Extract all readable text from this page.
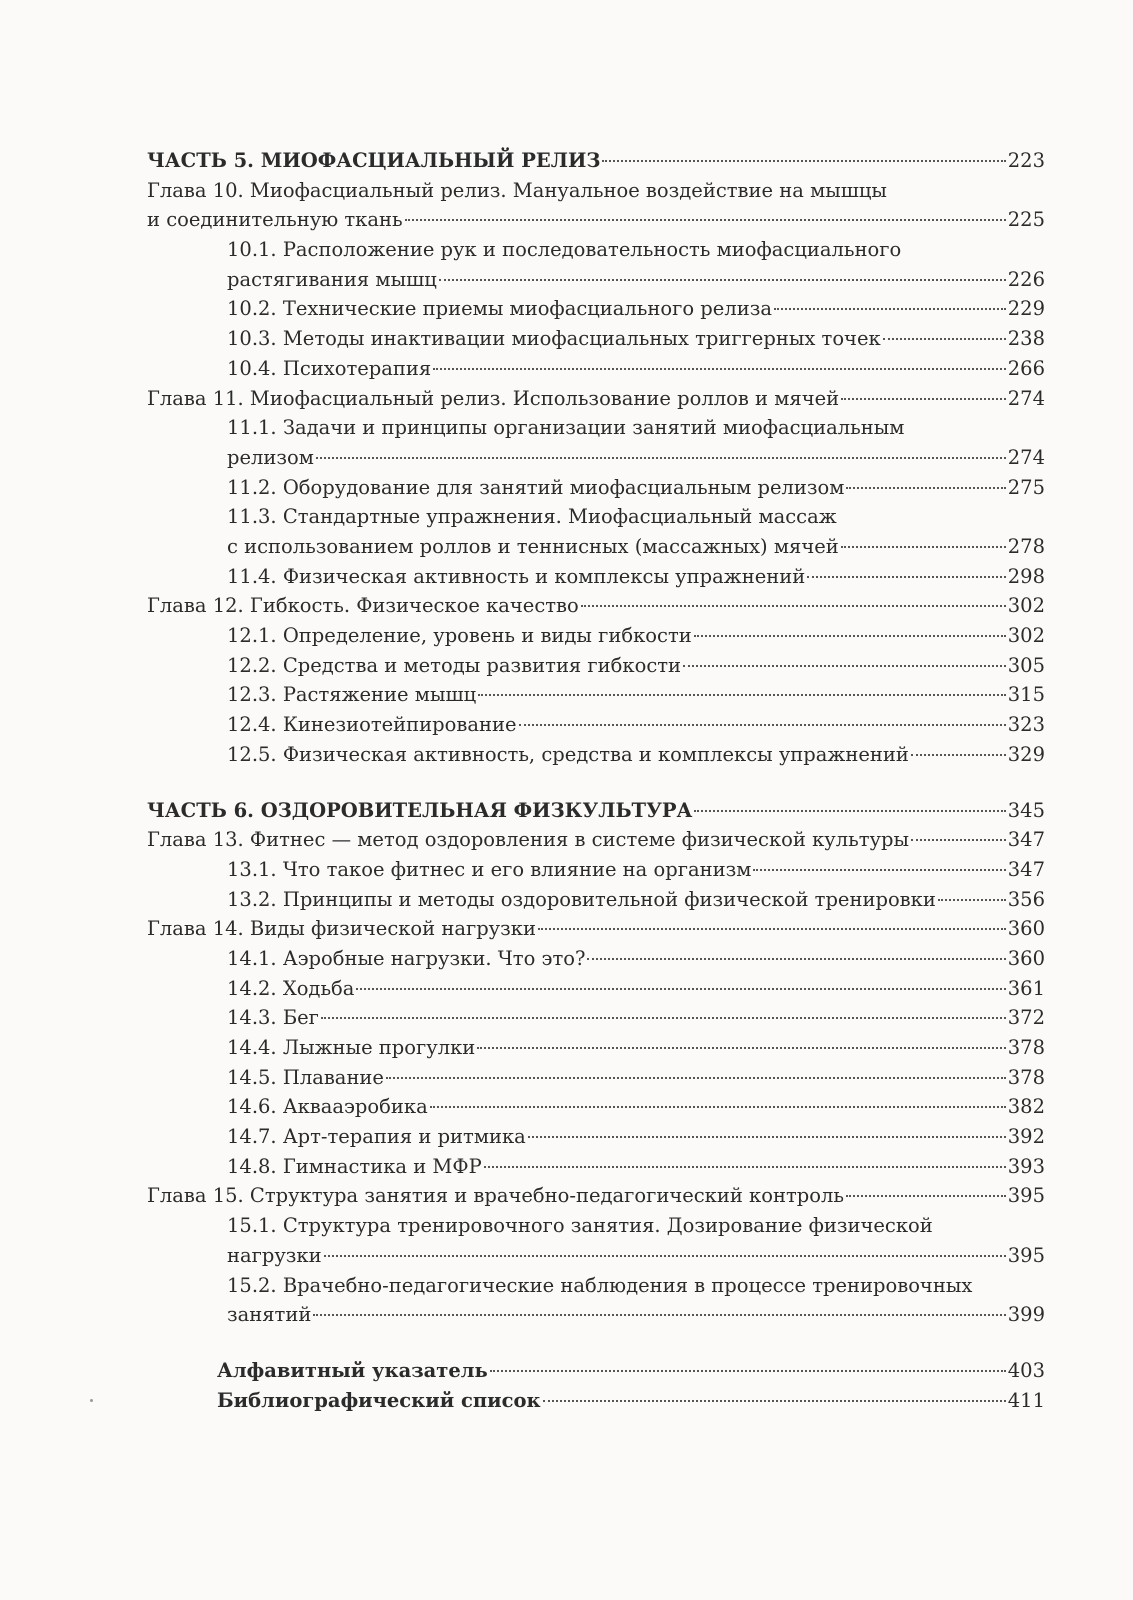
ЧАСТЬ 5. МИОФАСЦИАЛЬНЫЙ РЕЛИЗ	223
Глава 10. Миофасциальный релиз. Мануальное воздействие на мышцы
и соединительную ткань	225
10.1. Расположение рук и последовательность миофасциального
растягивания мышц	226
10.2. Технические приемы миофасциального релиза	229
10.3. Методы инактивации миофасциальных триггерных точек	238
10.4. Психотерапия	266
Глава 11. Миофасциальный релиз. Использование роллов и мячей	274
11.1. Задачи и принципы организации занятий миофасциальным
релизом	274
11.2. Оборудование для занятий миофасциальным релизом	275
11.3. Стандартные упражнения. Миофасциальный массаж
с использованием роллов и теннисных (массажных) мячей	278
11.4. Физическая активность и комплексы упражнений	298
Глава 12. Гибкость. Физическое качество	302
12.1. Определение, уровень и виды гибкости	302
12.2. Средства и методы развития гибкости	305
12.3. Растяжение мышц	315
12.4. Кинезиотейпирование	323
12.5. Физическая активность, средства и комплексы упражнений	329
ЧАСТЬ 6. ОЗДОРОВИТЕЛЬНАЯ ФИЗКУЛЬТУРА	345
Глава 13. Фитнес — метод оздоровления в системе физической культуры	347
13.1. Что такое фитнес и его влияние на организм	347
13.2. Принципы и методы оздоровительной физической тренировки	356
Глава 14. Виды физической нагрузки	360
14.1. Аэробные нагрузки. Что это?	360
14.2. Ходьба	361
14.3. Бег	372
14.4. Лыжные прогулки	378
14.5. Плавание	378
14.6. Аквааэробика	382
14.7. Арт-терапия и ритмика	392
14.8. Гимнастика и МФР	393
Глава 15. Структура занятия и врачебно-педагогический контроль	395
15.1. Структура тренировочного занятия. Дозирование физической
нагрузки	395
15.2. Врачебно-педагогические наблюдения в процессе тренировочных
занятий	399
Алфавитный указатель	403
Библиографический список	411
